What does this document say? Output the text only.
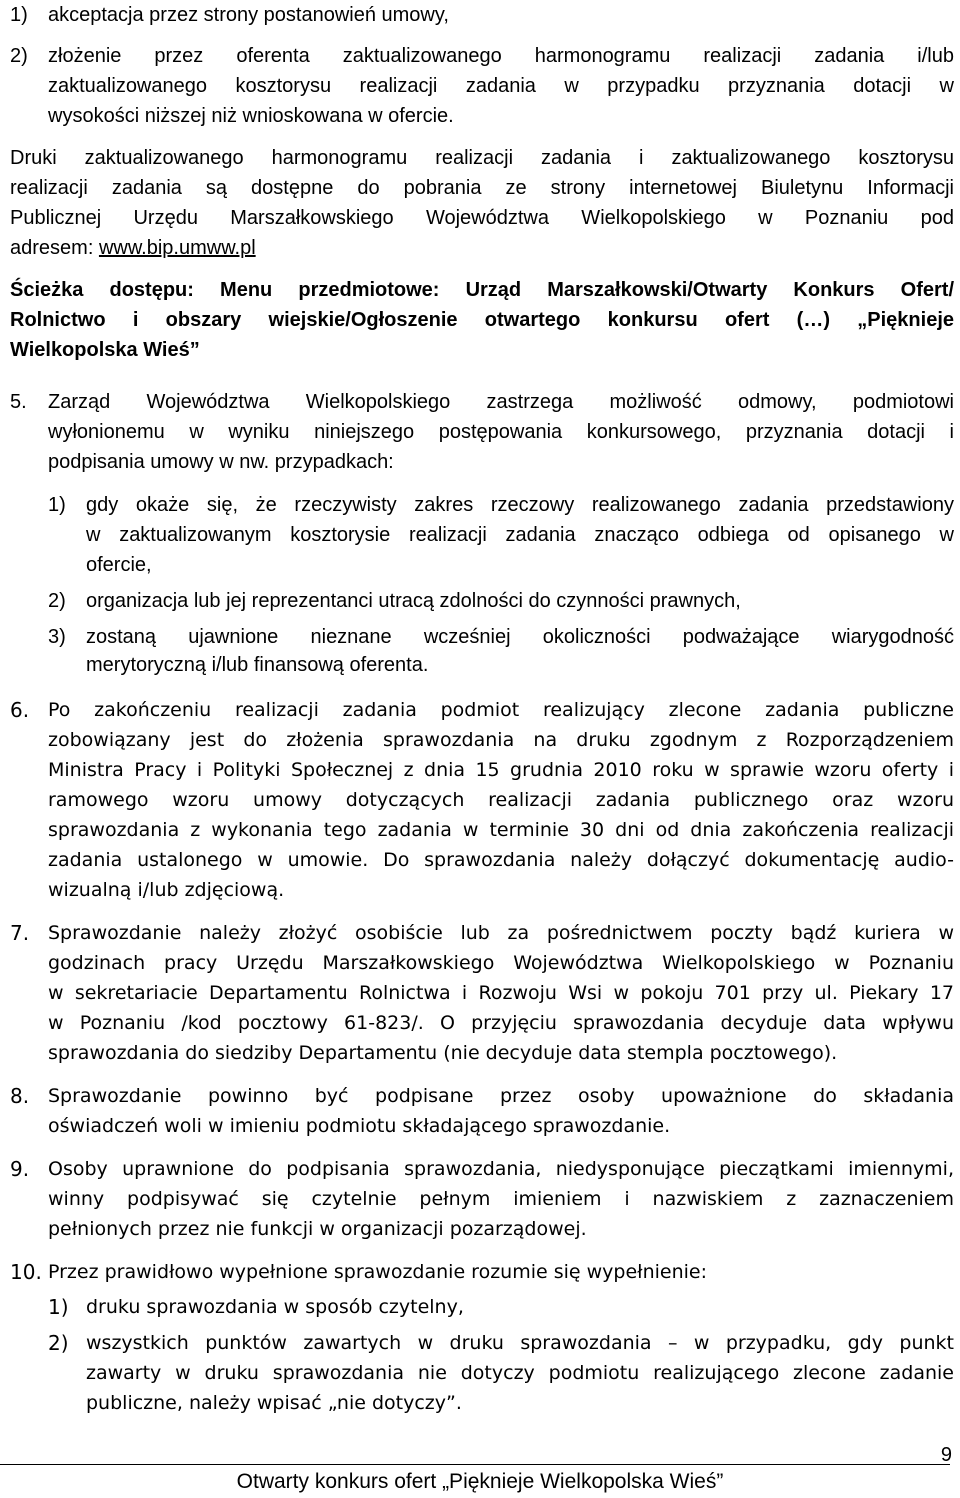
1) akceptacja przez strony postanowień umowy,
2) złożenie przez oferenta zaktualizowanego harmonogramu realizacji zadania i/lub
zaktualizowanego kosztorysu realizacji zadania w przypadku przyznania dotacji w
wysokości niższej niż wnioskowana w ofercie.
Druki zaktualizowanego harmonogramu realizacji zadania i zaktualizowanego kosztorysu
realizacji zadania są dostępne do pobrania ze strony internetowej Biuletynu Informacji
Publicznej Urzędu Marszałkowskiego Województwa Wielkopolskiego w Poznaniu pod
adresem: www.bip.umww.pl
Ścieżka dostępu: Menu przedmiotowe: Urząd Marszałkowski/Otwarty Konkurs Ofert/
Rolnictwo i obszary wiejskie/Ogłoszenie otwartego konkursu ofert (…) „Pięknieje
Wielkopolska Wieś”
5. Zarząd Województwa Wielkopolskiego zastrzega możliwość odmowy, podmiotowi
wyłonionemu w wyniku niniejszego postępowania konkursowego, przyznania dotacji i
podpisania umowy w nw. przypadkach:
1) gdy okaże się, że rzeczywisty zakres rzeczowy realizowanego zadania przedstawiony
w zaktualizowanym kosztorysie realizacji zadania znacząco odbiega od opisanego w
ofercie,
2) organizacja lub jej reprezentanci utracą zdolności do czynności prawnych,
3) zostaną ujawnione nieznane wcześniej okoliczności podważające wiarygodność
merytoryczną i/lub finansową oferenta.
6. Po zakończeniu realizacji zadania podmiot realizujący zlecone zadania publiczne
zobowiązany jest do złożenia sprawozdania na druku zgodnym z Rozporządzeniem
Ministra Pracy i Polityki Społecznej z dnia 15 grudnia 2010 roku w sprawie wzoru oferty i
ramowego wzoru umowy dotyczących realizacji zadania publicznego oraz wzoru
sprawozdania z wykonania tego zadania w terminie 30 dni od dnia zakończenia realizacji
zadania ustalonego w umowie. Do sprawozdania należy dołączyć dokumentację audio-
wizualną i/lub zdjęciową.
7. Sprawozdanie należy złożyć osobiście lub za pośrednictwem poczty bądź kuriera w
godzinach pracy Urzędu Marszałkowskiego Województwa Wielkopolskiego w Poznaniu
w sekretariacie Departamentu Rolnictwa i Rozwoju Wsi w pokoju 701 przy ul. Piekary 17
w Poznaniu /kod pocztowy 61-823/. O przyjęciu sprawozdania decyduje data wpływu
sprawozdania do siedziby Departamentu (nie decyduje data stempla pocztowego).
8. Sprawozdanie powinno być podpisane przez osoby upoważnione do składania
oświadczeń woli w imieniu podmiotu składającego sprawozdanie.
9. Osoby uprawnione do podpisania sprawozdania, niedysponujące pieczątkami imiennymi,
winny podpisywać się czytelnie pełnym imieniem i nazwiskiem z zaznaczeniem
pełnionych przez nie funkcji w organizacji pozarządowej.
10. Przez prawidłowo wypełnione sprawozdanie rozumie się wypełnienie:
1) druku sprawozdania w sposób czytelny,
2) wszystkich punktów zawartych w druku sprawozdania – w przypadku, gdy punkt
zawarty w druku sprawozdania nie dotyczy podmiotu realizującego zlecone zadanie
publiczne, należy wpisać „nie dotyczy”.
9
Otwarty konkurs ofert „Pięknieje Wielkopolska Wieś”
